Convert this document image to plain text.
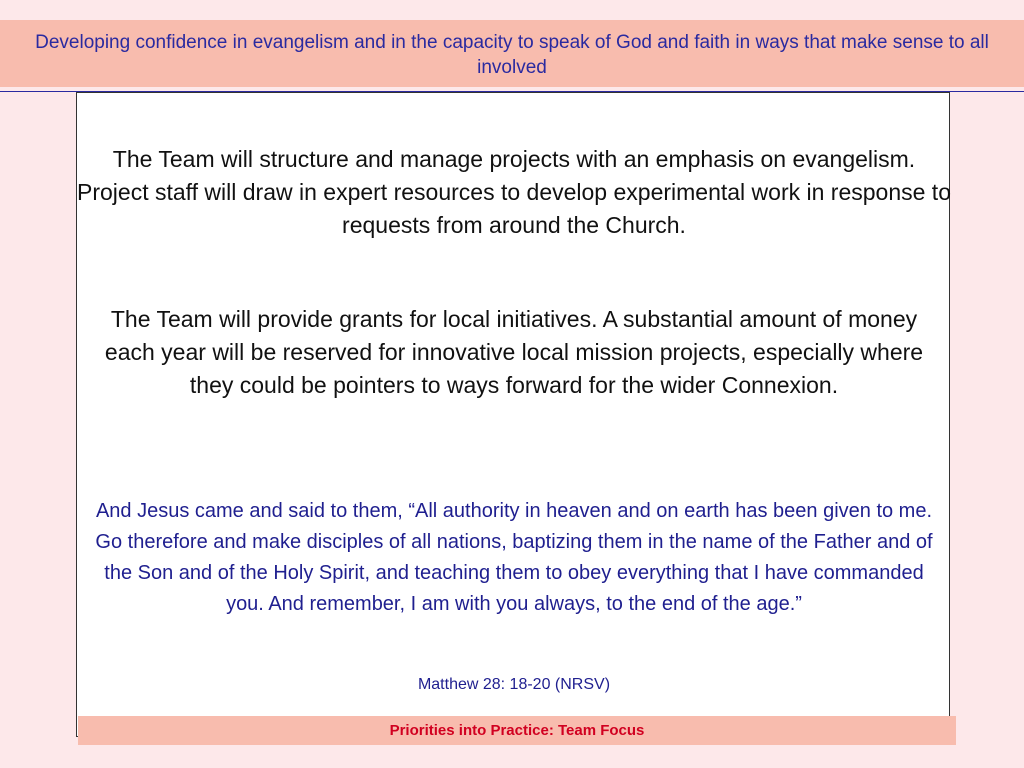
Developing confidence in evangelism and in the capacity to speak of God and faith in ways that make sense to all involved

The Team will structure and manage projects with an emphasis on evangelism. Project staff will draw in expert resources to develop experimental work in response to requests from around the Church.

The Team will provide grants for local initiatives. A substantial amount of money each year will be reserved for innovative local mission projects, especially where they could be pointers to ways forward for the wider Connexion.

And Jesus came and said to them, “All authority in heaven and on earth has been given to me. Go therefore and make disciples of all nations, baptizing them in the name of the Father and of the Son and of the Holy Spirit, and teaching them to obey everything that I have commanded you. And remember, I am with you always, to the end of the age.”

Matthew 28: 18-20 (NRSV)

Priorities into Practice: Team Focus
